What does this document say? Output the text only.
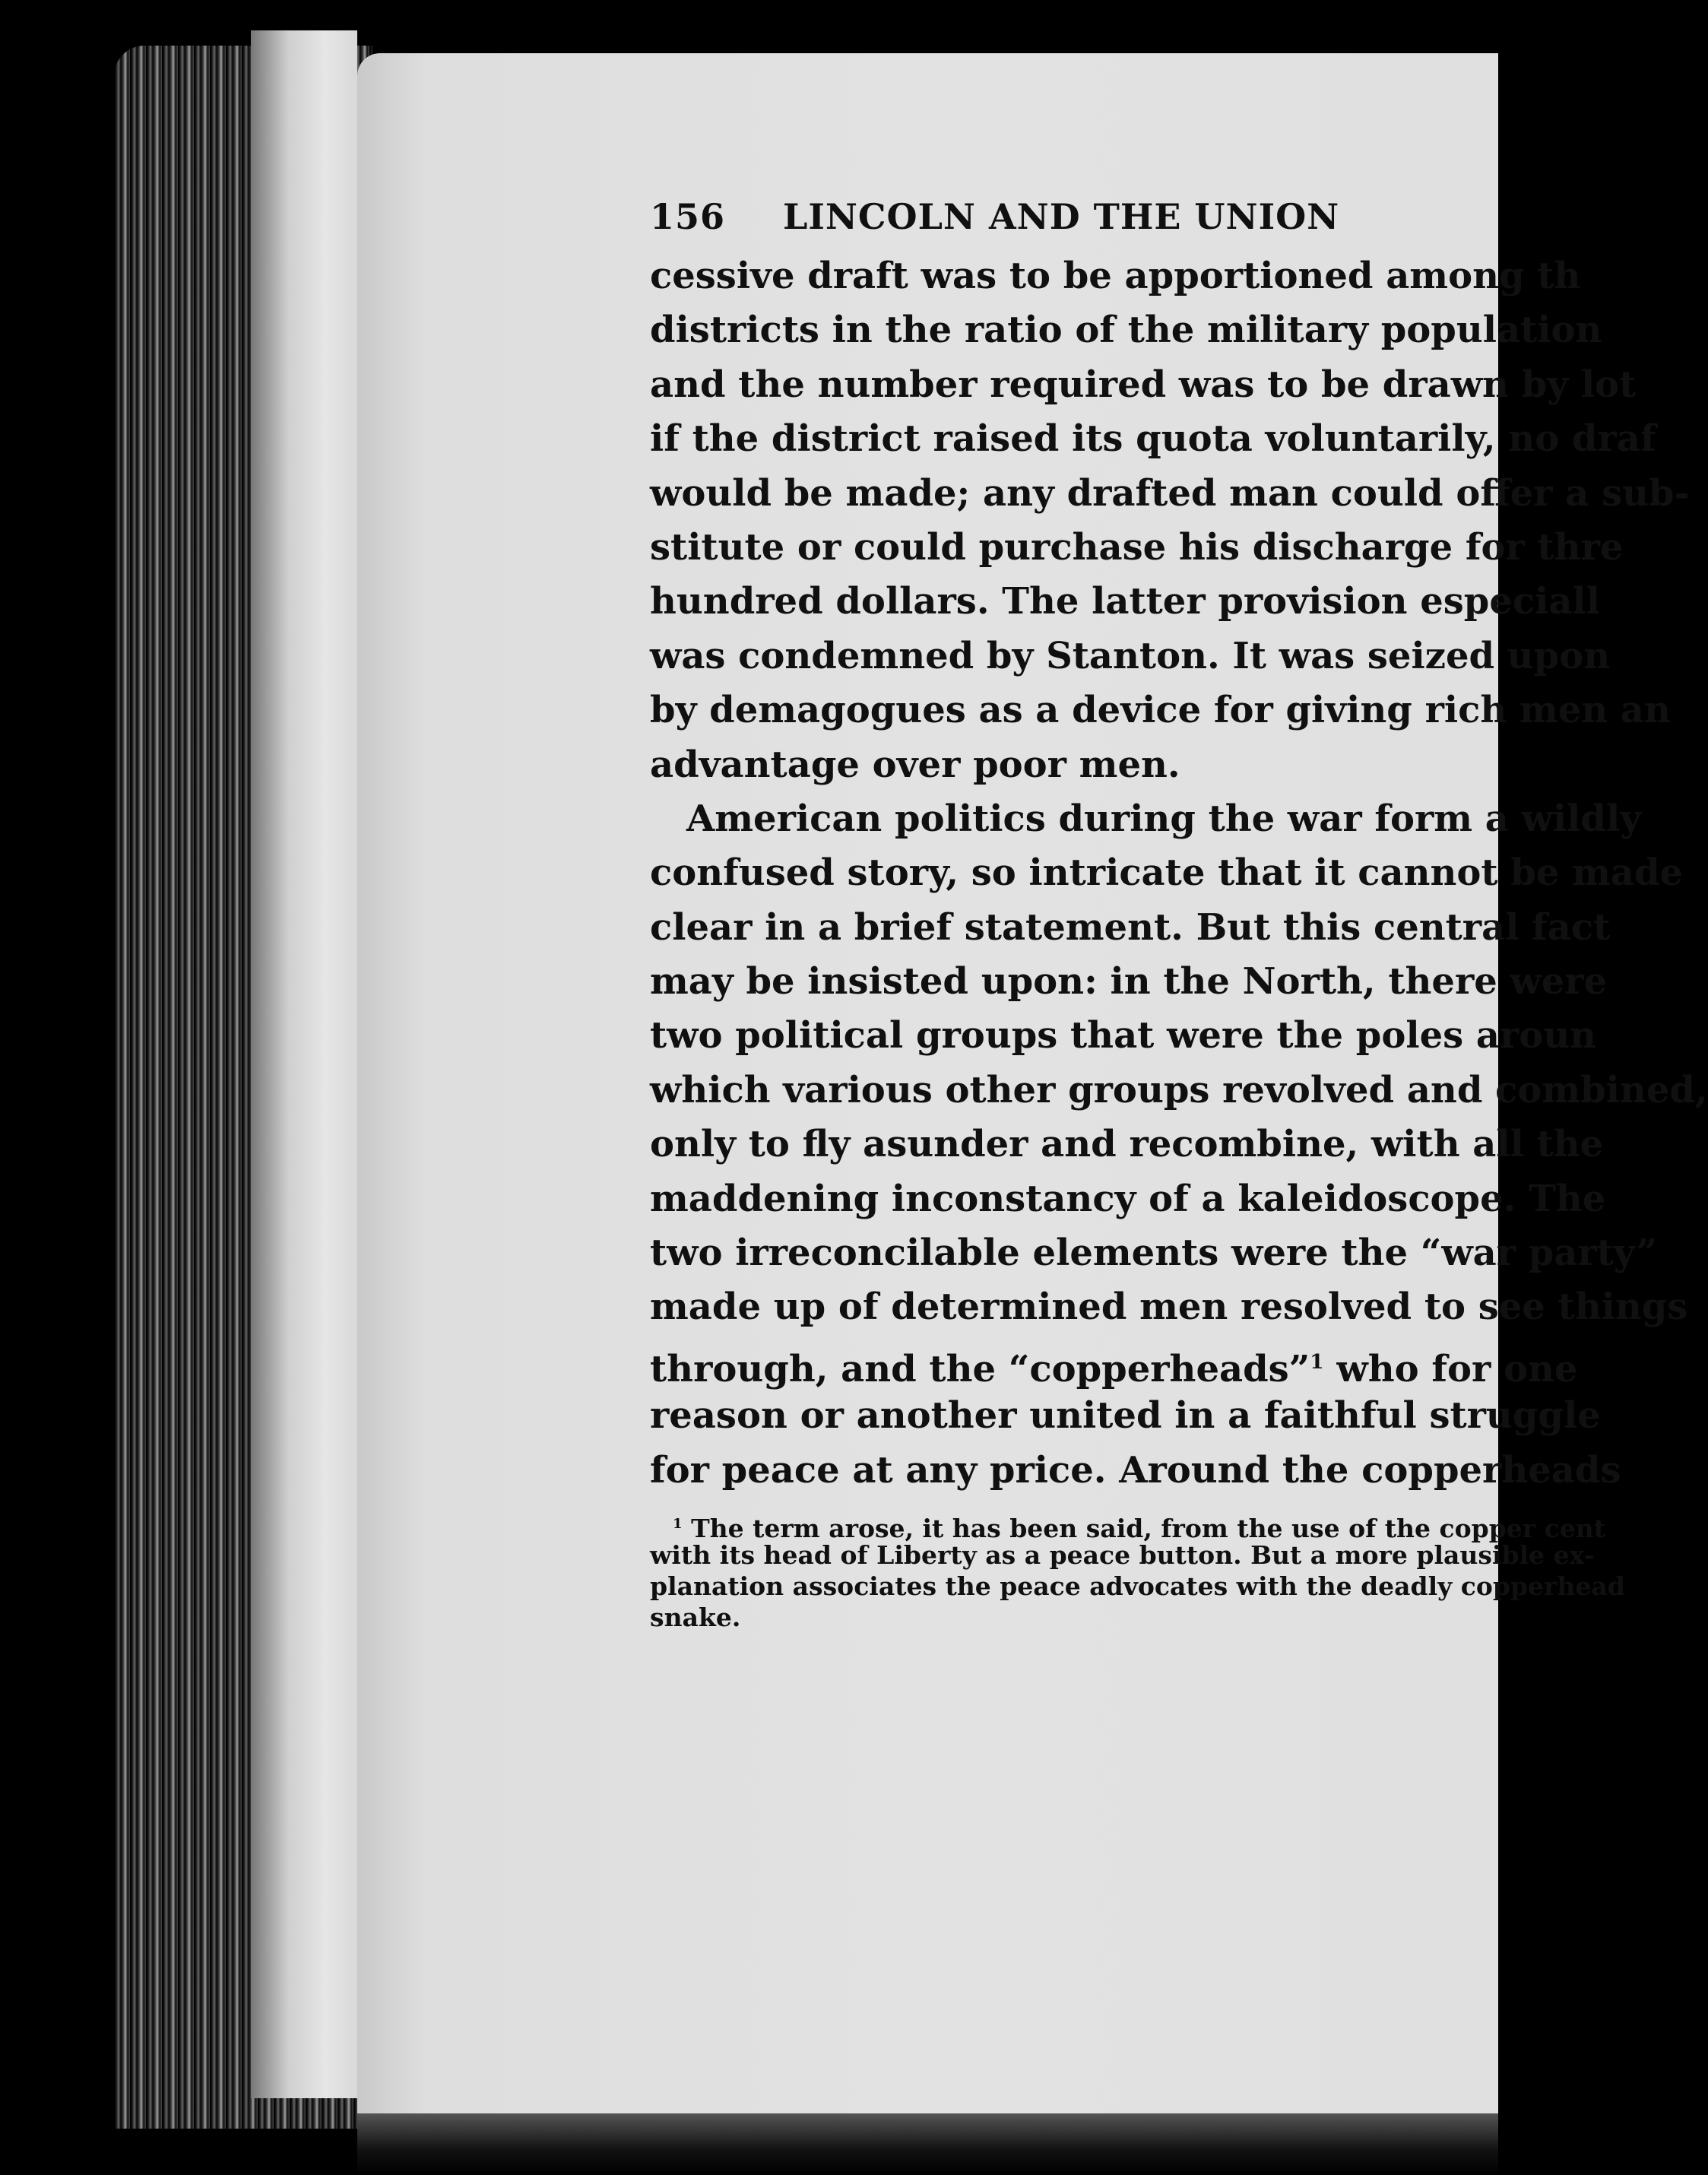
156	LINCOLN AND THE UNION
cessive draft was to be apportioned among th
districts in the ratio of the military population
and the number required was to be drawn by lot
if the district raised its quota voluntarily, no draf
would be made; any drafted man could offer a sub-
stitute or could purchase his discharge for thre
hundred dollars. The latter provision especiall
was condemned by Stanton. It was seized upon
by demagogues as a device for giving rich men an
advantage over poor men.
American politics during the war form a wildly
confused story, so intricate that it cannot be made
clear in a brief statement. But this central fact
may be insisted upon: in the North, there were
two political groups that were the poles aroun
which various other groups revolved and combined,
only to fly asunder and recombine, with all the
maddening inconstancy of a kaleidoscope. The
two irreconcilable elements were the “war party”
made up of determined men resolved to see things
through, and the “copperheads”$^1$ who for one
reason or another united in a faithful struggle
for peace at any price. Around the copperheads
$^1$ The term arose, it has been said, from the use of the copper cent
with its head of Liberty as a peace button. But a more plausible ex-
planation associates the peace advocates with the deadly copperhead
snake.
